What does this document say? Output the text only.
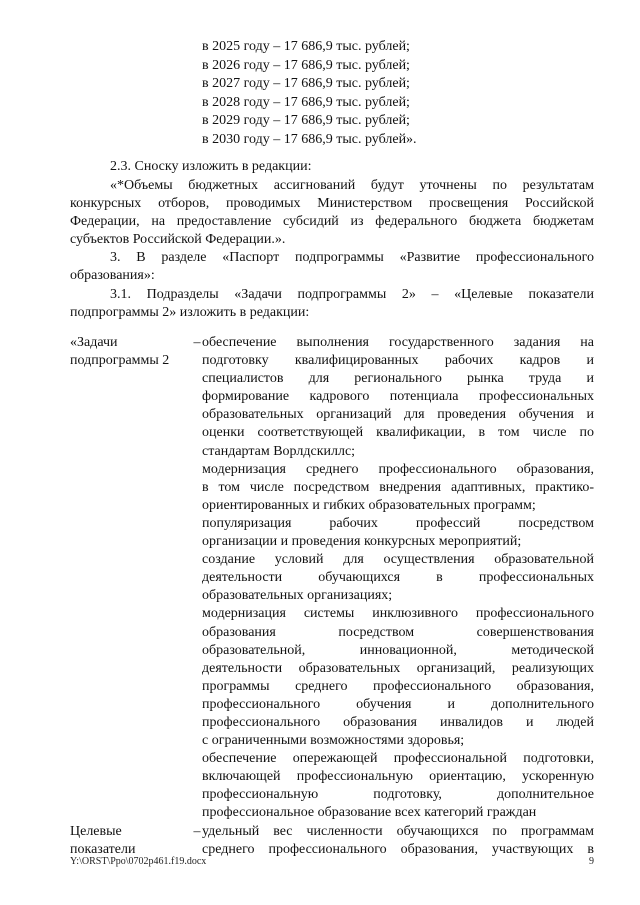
в 2025 году – 17 686,9 тыс. рублей;
в 2026 году – 17 686,9 тыс. рублей;
в 2027 году – 17 686,9 тыс. рублей;
в 2028 году – 17 686,9 тыс. рублей;
в 2029 году – 17 686,9 тыс. рублей;
в 2030 году – 17 686,9 тыс. рублей».
2.3. Сноску изложить в редакции:
«*Объемы бюджетных ассигнований будут уточнены по результатам
конкурсных отборов, проводимых Министерством просвещения Российской
Федерации, на предоставление субсидий из федерального бюджета бюджетам
субъектов Российской Федерации.».
3. В разделе «Паспорт подпрограммы «Развитие профессионального
образования»:
3.1. Подразделы «Задачи подпрограммы 2» – «Целевые показатели
подпрограммы 2» изложить в редакции:
«Задачи
подпрограммы 2
– обеспечение выполнения государственного задания на
подготовку квалифицированных рабочих кадров и
специалистов для регионального рынка труда и
формирование кадрового потенциала профессиональных
образовательных организаций для проведения обучения и
оценки соответствующей квалификации, в том числе по
стандартам Ворлдскиллс;
модернизация среднего профессионального образования,
в том числе посредством внедрения адаптивных, практико-
ориентированных и гибких образовательных программ;
популяризация рабочих профессий посредством
организации и проведения конкурсных мероприятий;
создание условий для осуществления образовательной
деятельности обучающихся в профессиональных
образовательных организациях;
модернизация системы инклюзивного профессионального
образования посредством совершенствования
образовательной, инновационной, методической
деятельности образовательных организаций, реализующих
программы среднего профессионального образования,
профессионального обучения и дополнительного
профессионального образования инвалидов и людей
с ограниченными возможностями здоровья;
обеспечение опережающей профессиональной подготовки,
включающей профессиональную ориентацию, ускоренную
профессиональную подготовку, дополнительное
профессиональное образование всех категорий граждан
Целевые
показатели
– удельный вес численности обучающихся по программам
среднего профессионального образования, участвующих в
Y:\ORST\Ppo\0702p461.f19.docx	9
